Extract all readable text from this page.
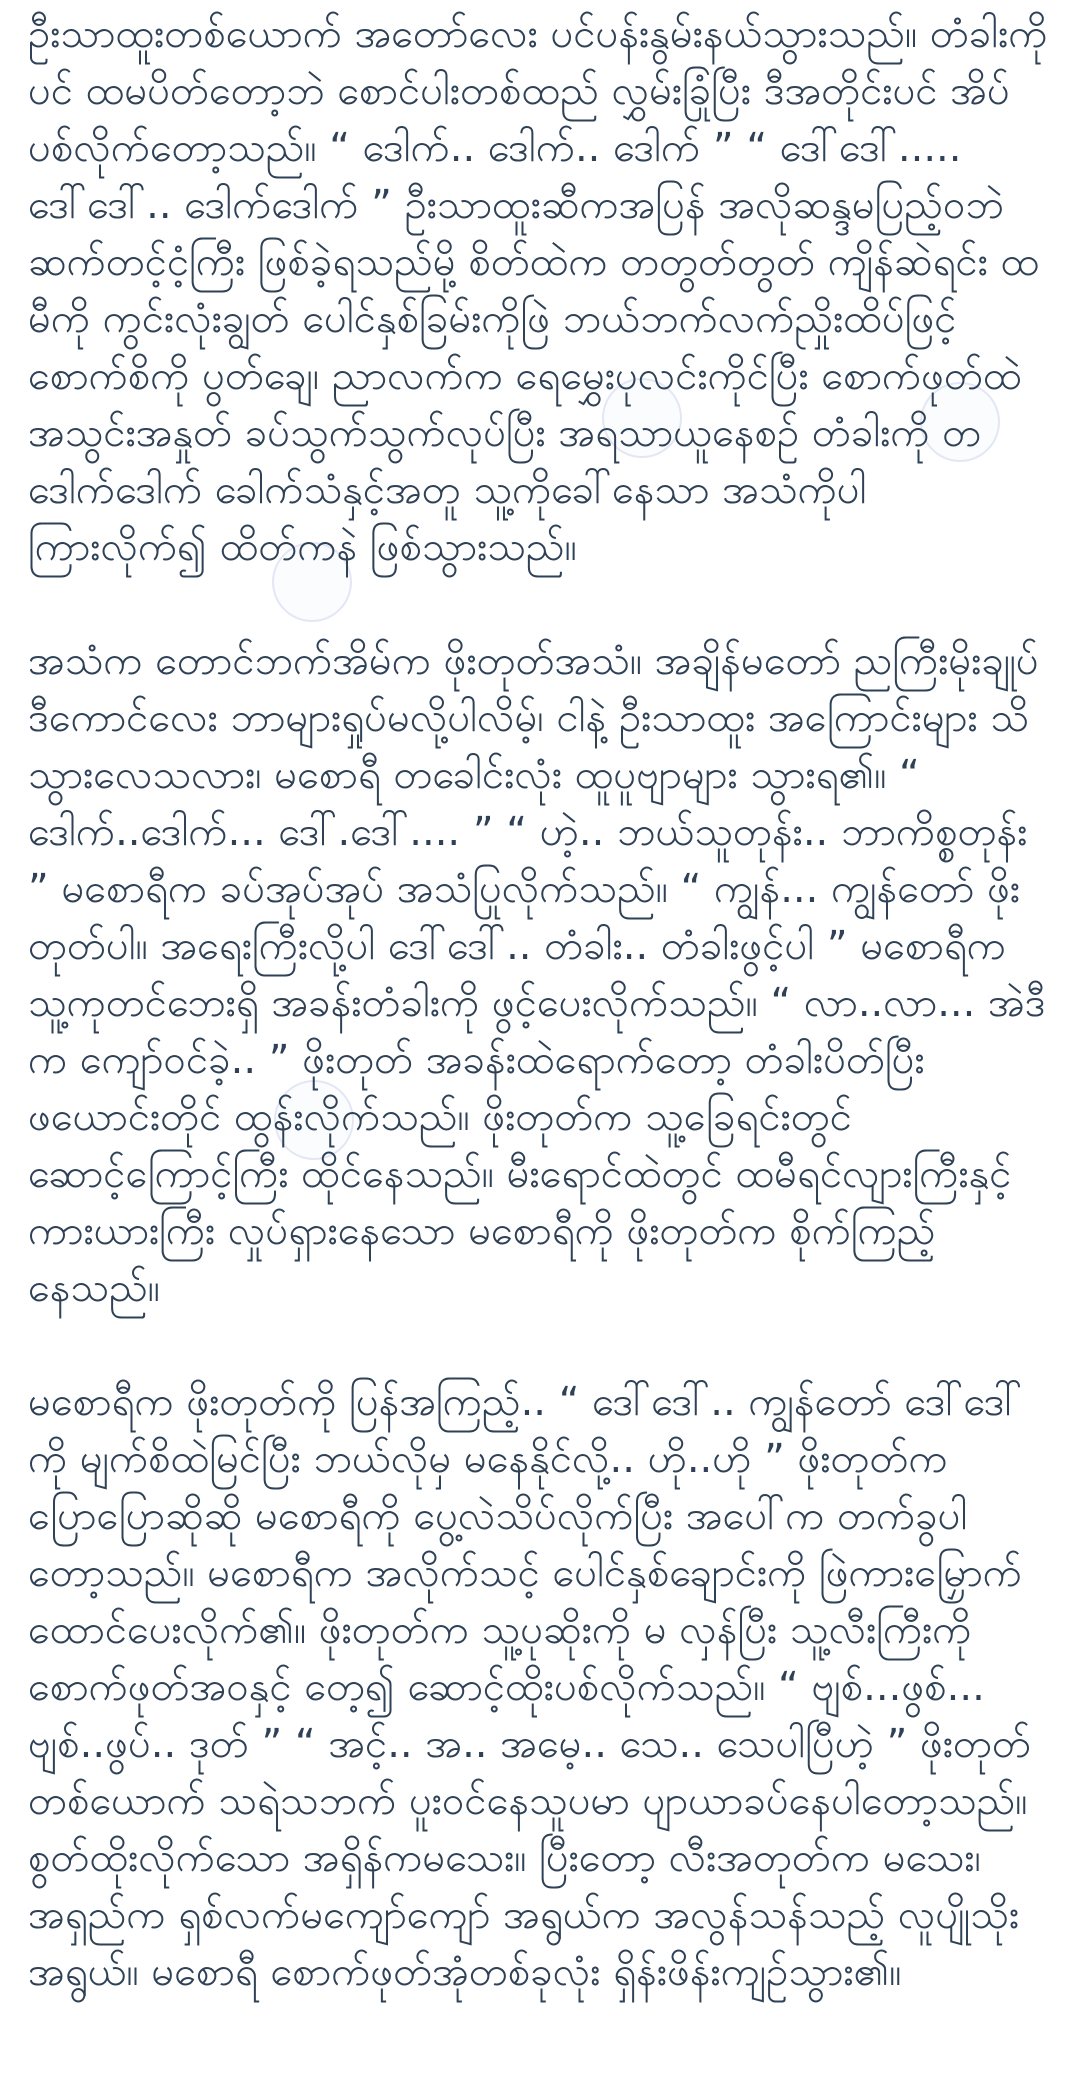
ဦးသာထူးတစ်ယောက် အတော်လေး ပင်ပန်းနွမ်းနယ်သွားသည်။ တံခါးကိုပင် ထမပိတ်တော့ဘဲ စောင်ပါးတစ်ထည် လွှမ်းခြုံပြီး ဒီအတိုင်းပင် အိပ်ပစ်လိုက်တော့သည်။ “ ဒေါက်.. ဒေါက်.. ဒေါက် ” “ ဒေါ်ဒေါ်..... ဒေါ်ဒေါ်.. ဒေါက်ဒေါက် ” ဦးသာထူးဆီကအပြန် အလိုဆန္ဒမပြည့်ဝဘဲ ဆက်တင့်ငံ့ကြီး ဖြစ်ခဲ့ရသည်မို့ စိတ်ထဲက တတွတ်တွတ် ကျိန်ဆဲရင်း ထမီကို ကွင်းလုံးချွတ် ပေါင်နှစ်ခြမ်းကိုဖြဲ ဘယ်ဘက်လက်ညှိုးထိပ်ဖြင့် စောက်စိကို ပွတ်ချေ၊ ညာလက်က ရေမွှေးပုလင်းကိုင်ပြီး စောက်ဖုတ်ထဲ အသွင်းအနှုတ် ခပ်သွက်သွက်လုပ်ပြီး အရသာယူနေစဉ် တံခါးကို တ ဒေါက်ဒေါက် ခေါက်သံနှင့်အတူ သူ့ကိုခေါ်နေသာ အသံကိုပါ ကြားလိုက်၍ ထိတ်ကနဲ ဖြစ်သွားသည်။

အသံက တောင်ဘက်အိမ်က ဖိုးတုတ်အသံ။ အချိန်မတော် ညကြီးမိုးချုပ် ဒီကောင်လေး ဘာများရှုပ်မလို့ပါလိမ့်၊ ငါနဲ့ ဦးသာထူး အကြောင်းများ သိသွားလေသလား၊ မစောရီ တခေါင်းလုံး ထူပူဗျာများ သွားရ၏။ “ ဒေါက်..ဒေါက်... ဒေါ်.ဒေါ်.... ” “ ဟဲ့.. ဘယ်သူတုန်း.. ဘာကိစ္စတုန်း ” မစောရီက ခပ်အုပ်အုပ် အသံပြုလိုက်သည်။ “ ကျွန်... ကျွန်တော် ဖိုးတုတ်ပါ။ အရေးကြီးလို့ပါ ဒေါ်ဒေါ်.. တံခါး.. တံခါးဖွင့်ပါ ” မစောရီက သူ့ကုတင်ဘေးရှိ အခန်းတံခါးကို ဖွင့်ပေးလိုက်သည်။ “ လာ..လာ... အဲဒီက ကျော်ဝင်ခဲ့.. ” ဖိုးတုတ် အခန်းထဲရောက်တော့ တံခါးပိတ်ပြီး ဖယောင်းတိုင် ထွန်းလိုက်သည်။ ဖိုးတုတ်က သူ့ခြေရင်းတွင် ဆောင့်ကြောင့်ကြီး ထိုင်နေသည်။ မီးရောင်ထဲတွင် ထမီရင်လျားကြီးနှင့် ကားယားကြီး လှုပ်ရှားနေသော မစောရီကို ဖိုးတုတ်က စိုက်ကြည့်နေသည်။

မစောရီက ဖိုးတုတ်ကို ပြန်အကြည့်.. “ ဒေါ်ဒေါ်.. ကျွန်တော် ဒေါ်ဒေါ်ကို မျက်စိထဲမြင်ပြီး ဘယ်လိုမှ မနေနိုင်လို့.. ဟို..ဟို ” ဖိုးတုတ်က ပြောပြောဆိုဆို မစောရီကို ပွေ့လဲသိပ်လိုက်ပြီး အပေါ်က တက်ခွပါတော့သည်။ မစောရီက အလိုက်သင့် ပေါင်နှစ်ချောင်းကို ဖြဲကားမြှောက်ထောင်ပေးလိုက်၏။ ဖိုးတုတ်က သူ့ပုဆိုးကို မ လှန်ပြီး သူ့လီးကြီးကို စောက်ဖုတ်အဝနှင့် တေ့၍ ဆောင့်ထိုးပစ်လိုက်သည်။ “ ဗျစ်...ဖွစ်... ဗျစ်..ဖွပ်.. ဒုတ် ” “ အင့်.. အ.. အမေ့.. သေ.. သေပါပြီဟဲ့ ” ဖိုးတုတ်တစ်ယောက် သရဲသဘက် ပူးဝင်နေသူပမာ ပျာယာခပ်နေပါတော့သည်။ စွတ်ထိုးလိုက်သော အရှိန်ကမသေး။ ပြီးတော့ လီးအတုတ်က မသေး၊ အရှည်က ရှစ်လက်မကျော်ကျော် အရွယ်က အလွန်သန်သည့် လူပျိုသိုး အရွယ်။ မစောရီ စောက်ဖုတ်အုံတစ်ခုလုံး ရှိန်းဖိန်းကျဉ်သွား၏။
